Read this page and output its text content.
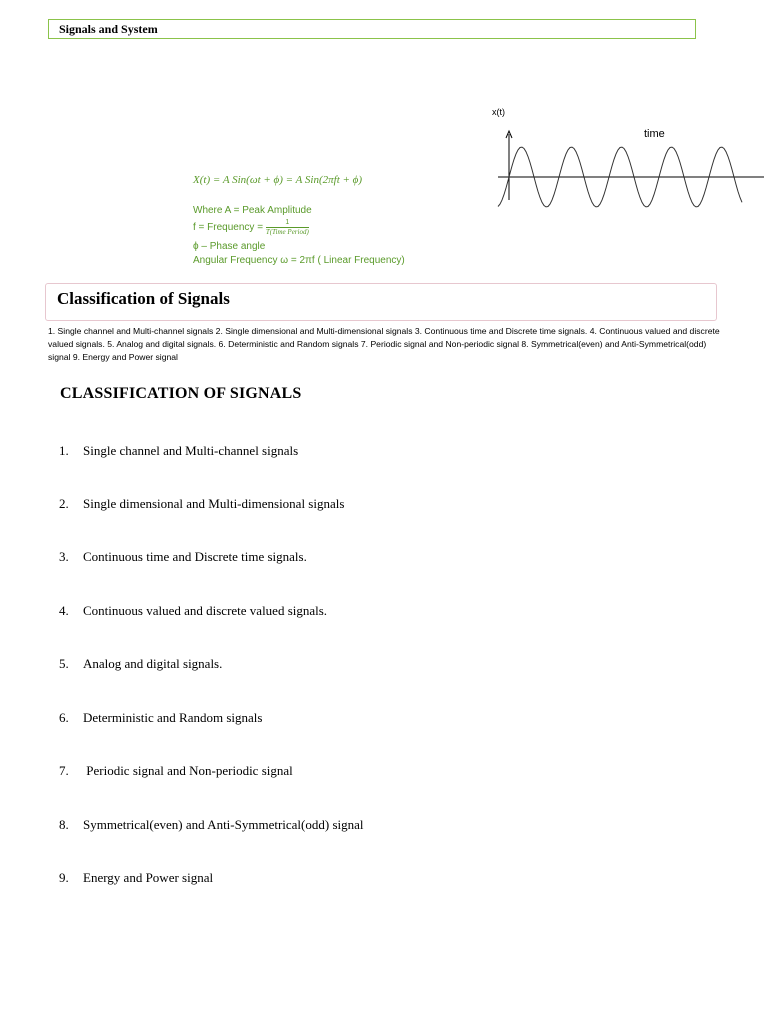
Signals and System
X(t) = A Sin(ωt + ϕ) = A Sin(2πft + ϕ)
Where A = Peak Amplitude
f = Frequency = $\frac{1}{\text{T(Time Period)}}$
ϕ – Phase angle
Angular Frequency ω = 2πf ( Linear Frequency)
x(t)
time
Classification of Signals
1. Single channel and Multi-channel signals 2. Single dimensional and Multi-dimensional signals 3. Continuous time and Discrete time signals. 4. Continuous valued and discrete valued signals. 5. Analog and digital signals. 6. Deterministic and Random signals 7. Periodic signal and Non-periodic signal 8. Symmetrical(even) and Anti-Symmetrical(odd) signal 9. Energy and Power signal
CLASSIFICATION OF SIGNALS
1. Single channel and Multi-channel signals
2. Single dimensional and Multi-dimensional signals
3. Continuous time and Discrete time signals.
4. Continuous valued and discrete valued signals.
5. Analog and digital signals.
6. Deterministic and Random signals
7. Periodic signal and Non-periodic signal
8. Symmetrical(even) and Anti-Symmetrical(odd) signal
9. Energy and Power signal
